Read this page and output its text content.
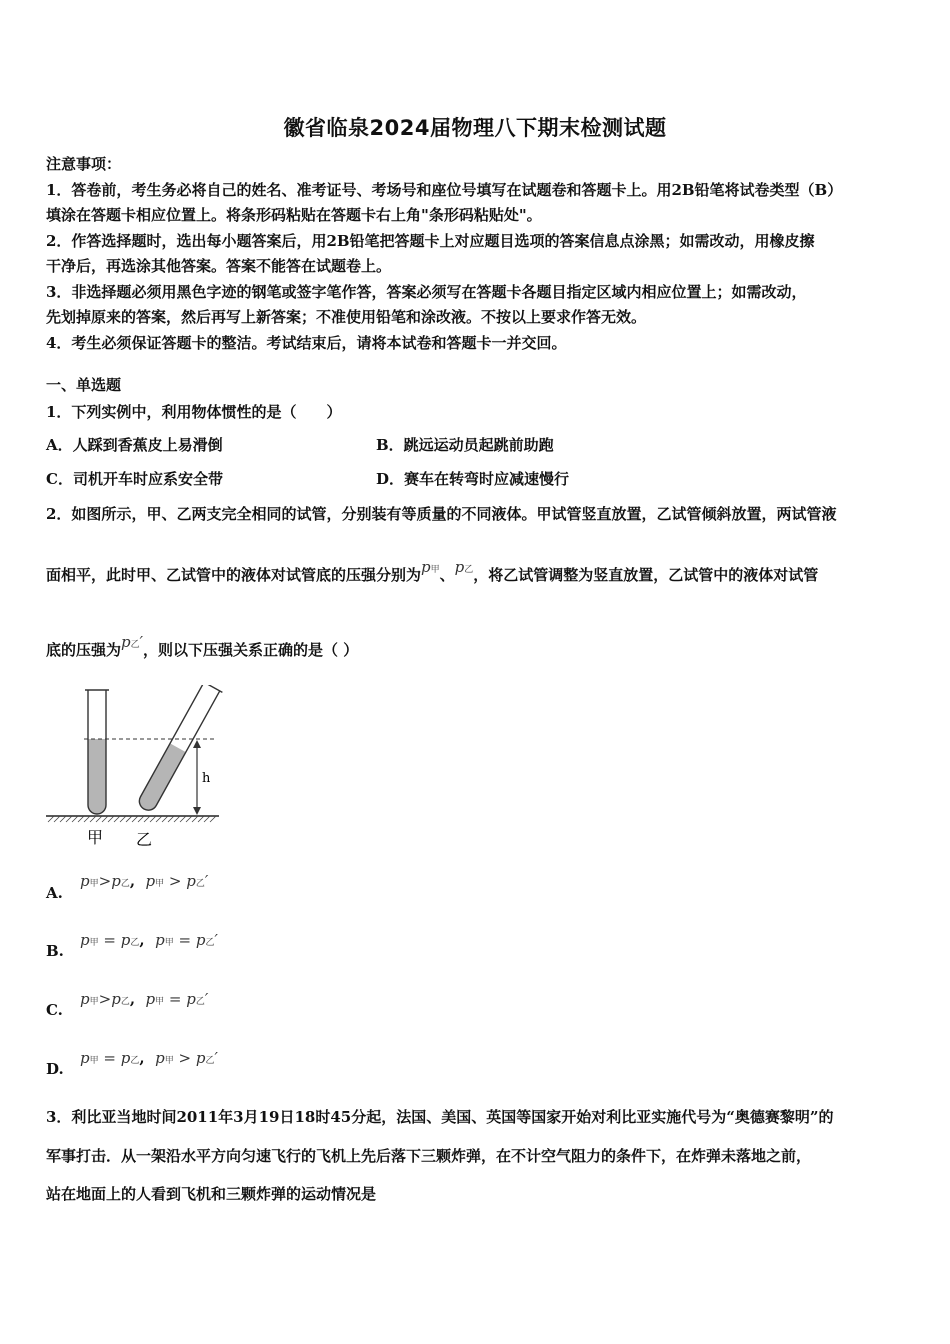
徽省临泉2024届物理八下期末检测试题
注意事项：
1．答卷前，考生务必将自己的姓名、准考证号、考场号和座位号填写在试题卷和答题卡上。用2B铅笔将试卷类型（B）
填涂在答题卡相应位置上。将条形码粘贴在答题卡右上角"条形码粘贴处"。
2．作答选择题时，选出每小题答案后，用2B铅笔把答题卡上对应题目选项的答案信息点涂黑；如需改动，用橡皮擦
干净后，再选涂其他答案。答案不能答在试题卷上。
3．非选择题必须用黑色字迹的钢笔或签字笔作答，答案必须写在答题卡各题目指定区域内相应位置上；如需改动，
先划掉原来的答案，然后再写上新答案；不准使用铅笔和涂改液。不按以上要求作答无效。
4．考生必须保证答题卡的整洁。考试结束后，请将本试卷和答题卡一并交回。
一、单选题
1．下列实例中，利用物体惯性的是（　　）
A．人踩到香蕉皮上易滑倒	B．跳远运动员起跳前助跑
C．司机开车时应系安全带	D．赛车在转弯时应减速慢行
2．如图所示，甲、乙两支完全相同的试管，分别装有等质量的不同液体。甲试管竖直放置，乙试管倾斜放置，两试管液
面相平，此时甲、乙试管中的液体对试管底的压强分别为p甲、p乙，将乙试管调整为竖直放置，乙试管中的液体对试管
底的压强为p乙′，则以下压强关系正确的是（ ）
h
甲 乙
A.
p甲>p乙, p甲 > p乙′
B.
p甲 = p乙, p甲 = p乙′
C.
p甲>p乙, p甲 = p乙′
D.
p甲 = p乙, p甲 > p乙′
3．利比亚当地时间2011年3月19日18时45分起，法国、美国、英国等国家开始对利比亚实施代号为“奥德赛黎明”的
军事打击．从一架沿水平方向匀速飞行的飞机上先后落下三颗炸弹，在不计空气阻力的条件下，在炸弹未落地之前，
站在地面上的人看到飞机和三颗炸弹的运动情况是
